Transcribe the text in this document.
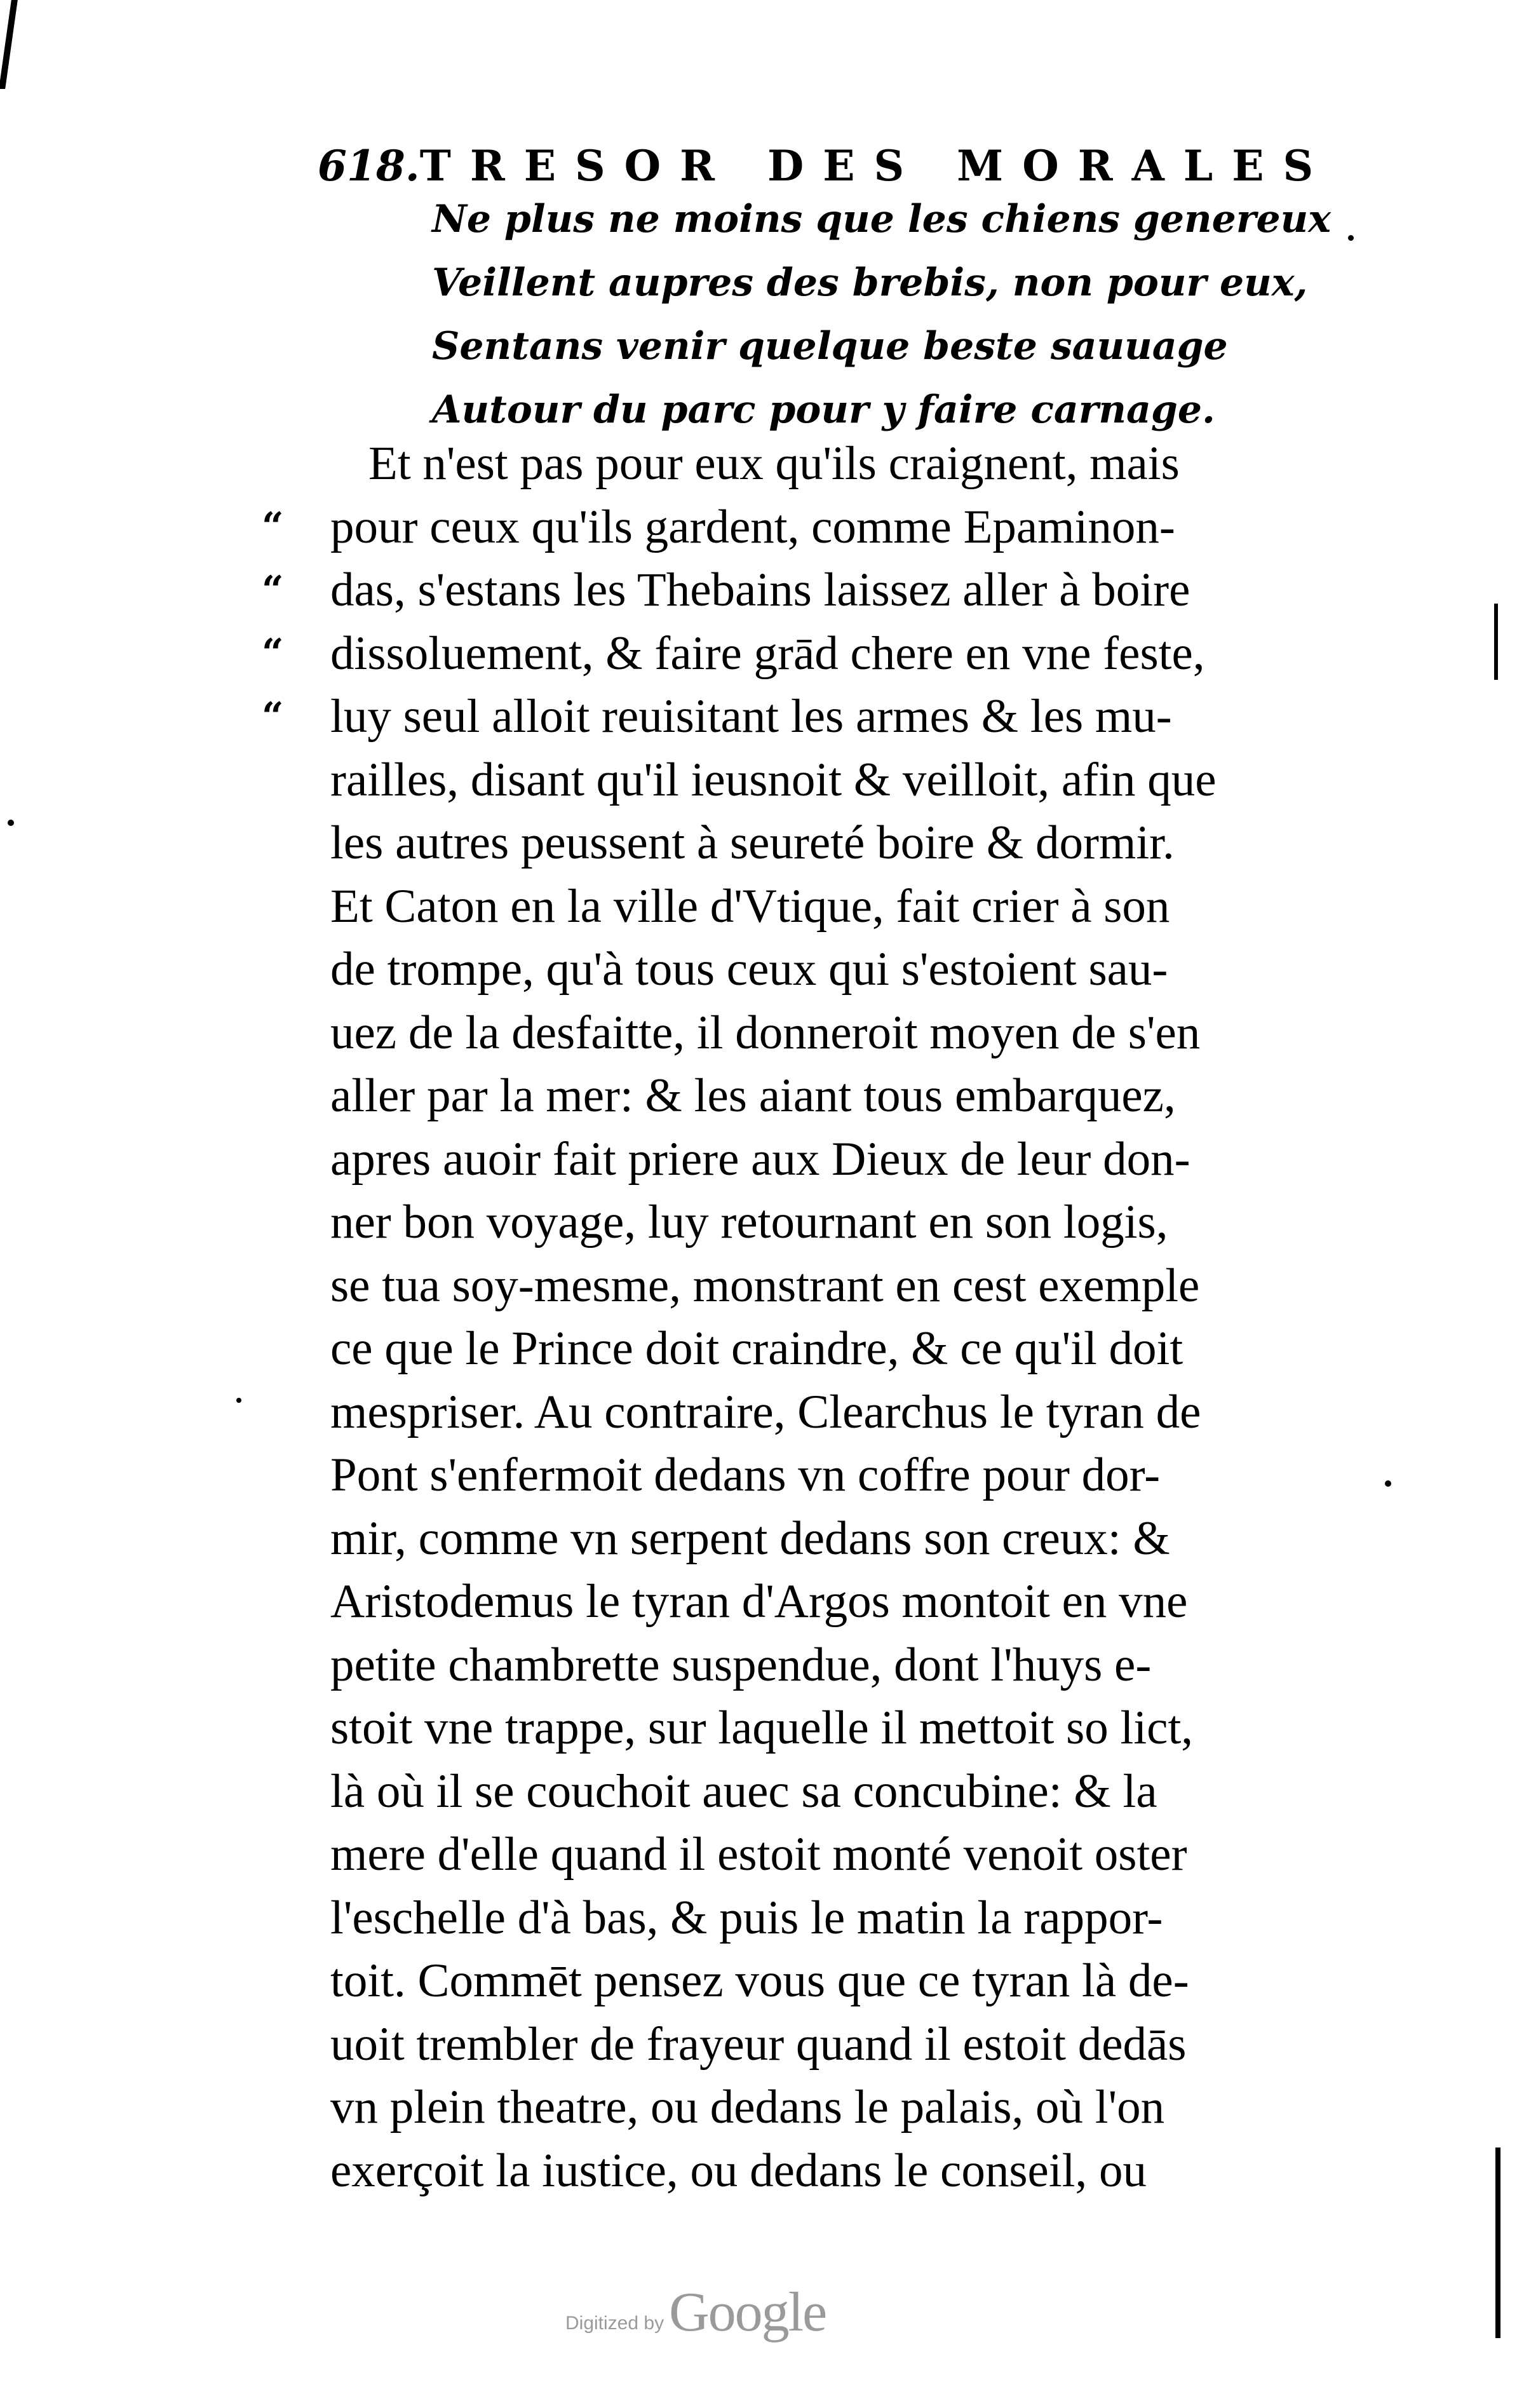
618. TRESOR DES MORALES
Ne plus ne moins que les chiens genereux
Veillent aupres des brebis, non pour eux,
Sentans venir quelque beste sauuage
Autour du parc pour y faire carnage.
“
“
“
“
Et n'est pas pour eux qu'ils craignent, mais
pour ceux qu'ils gardent, comme Epaminon-
das, s'estans les Thebains laissez aller à boire
dissoluement, & faire grād chere en vne feste,
luy seul alloit reuisitant les armes & les mu-
railles, disant qu'il ieusnoit & veilloit, afin que
les autres peussent à seureté boire & dormir.
Et Caton en la ville d'Vtique, fait crier à son
de trompe, qu'à tous ceux qui s'estoient sau-
uez de la desfaitte, il donneroit moyen de s'en
aller par la mer: & les aiant tous embarquez,
apres auoir fait priere aux Dieux de leur don-
ner bon voyage, luy retournant en son logis,
se tua soy-mesme, monstrant en cest exemple
ce que le Prince doit craindre, & ce qu'il doit
mespriser. Au contraire, Clearchus le tyran de
Pont s'enfermoit dedans vn coffre pour dor-
mir, comme vn serpent dedans son creux: &
Aristodemus le tyran d'Argos montoit en vne
petite chambrette suspendue, dont l'huys e-
stoit vne trappe, sur laquelle il mettoit so lict,
là où il se couchoit auec sa concubine: & la
mere d'elle quand il estoit monté venoit oster
l'eschelle d'à bas, & puis le matin la rappor-
toit. Commēt pensez vous que ce tyran là de-
uoit trembler de frayeur quand il estoit dedās
vn plein theatre, ou dedans le palais, où l'on
exerçoit la iustice, ou dedans le conseil, ou
Digitized by Google
